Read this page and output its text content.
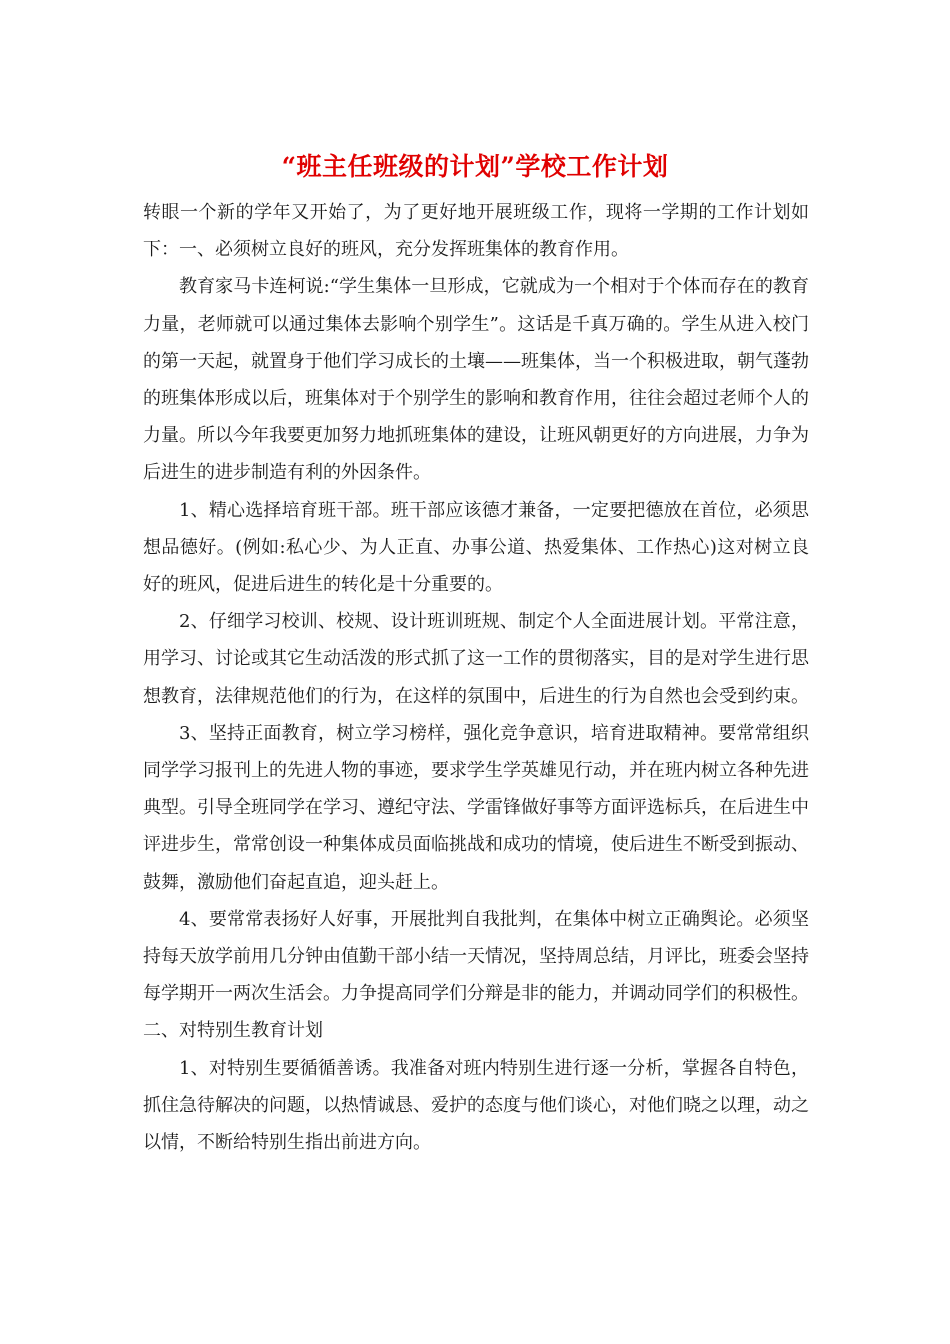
“班主任班级的计划”学校工作计划

转眼一个新的学年又开始了，为了更好地开展班级工作，现将一学期的工作计划如下：一、必须树立良好的班风，充分发挥班集体的教育作用。

教育家马卡连柯说:“学生集体一旦形成，它就成为一个相对于个体而存在的教育力量，老师就可以通过集体去影响个别学生”。这话是千真万确的。学生从进入校门的第一天起，就置身于他们学习成长的土壤——班集体，当一个积极进取，朝气蓬勃的班集体形成以后，班集体对于个别学生的影响和教育作用，往往会超过老师个人的力量。所以今年我要更加努力地抓班集体的建设，让班风朝更好的方向进展，力争为后进生的进步制造有利的外因条件。

1、精心选择培育班干部。班干部应该德才兼备，一定要把德放在首位，必须思想品德好。(例如:私心少、为人正直、办事公道、热爱集体、工作热心)这对树立良好的班风，促进后进生的转化是十分重要的。

2、仔细学习校训、校规、设计班训班规、制定个人全面进展计划。平常注意，用学习、讨论或其它生动活泼的形式抓了这一工作的贯彻落实，目的是对学生进行思想教育，法律规范他们的行为，在这样的氛围中，后进生的行为自然也会受到约束。

3、坚持正面教育，树立学习榜样，强化竞争意识，培育进取精神。要常常组织同学学习报刊上的先进人物的事迹，要求学生学英雄见行动，并在班内树立各种先进典型。引导全班同学在学习、遵纪守法、学雷锋做好事等方面评选标兵，在后进生中评进步生，常常创设一种集体成员面临挑战和成功的情境，使后进生不断受到振动、鼓舞，激励他们奋起直追，迎头赶上。

4、要常常表扬好人好事，开展批判自我批判，在集体中树立正确舆论。必须坚持每天放学前用几分钟由值勤干部小结一天情况，坚持周总结，月评比，班委会坚持每学期开一两次生活会。力争提高同学们分辩是非的能力，并调动同学们的积极性。二、对特别生教育计划

1、对特别生要循循善诱。我准备对班内特别生进行逐一分析，掌握各自特色，抓住急待解决的问题，以热情诚恳、爱护的态度与他们谈心，对他们晓之以理，动之以情，不断给特别生指出前进方向。
